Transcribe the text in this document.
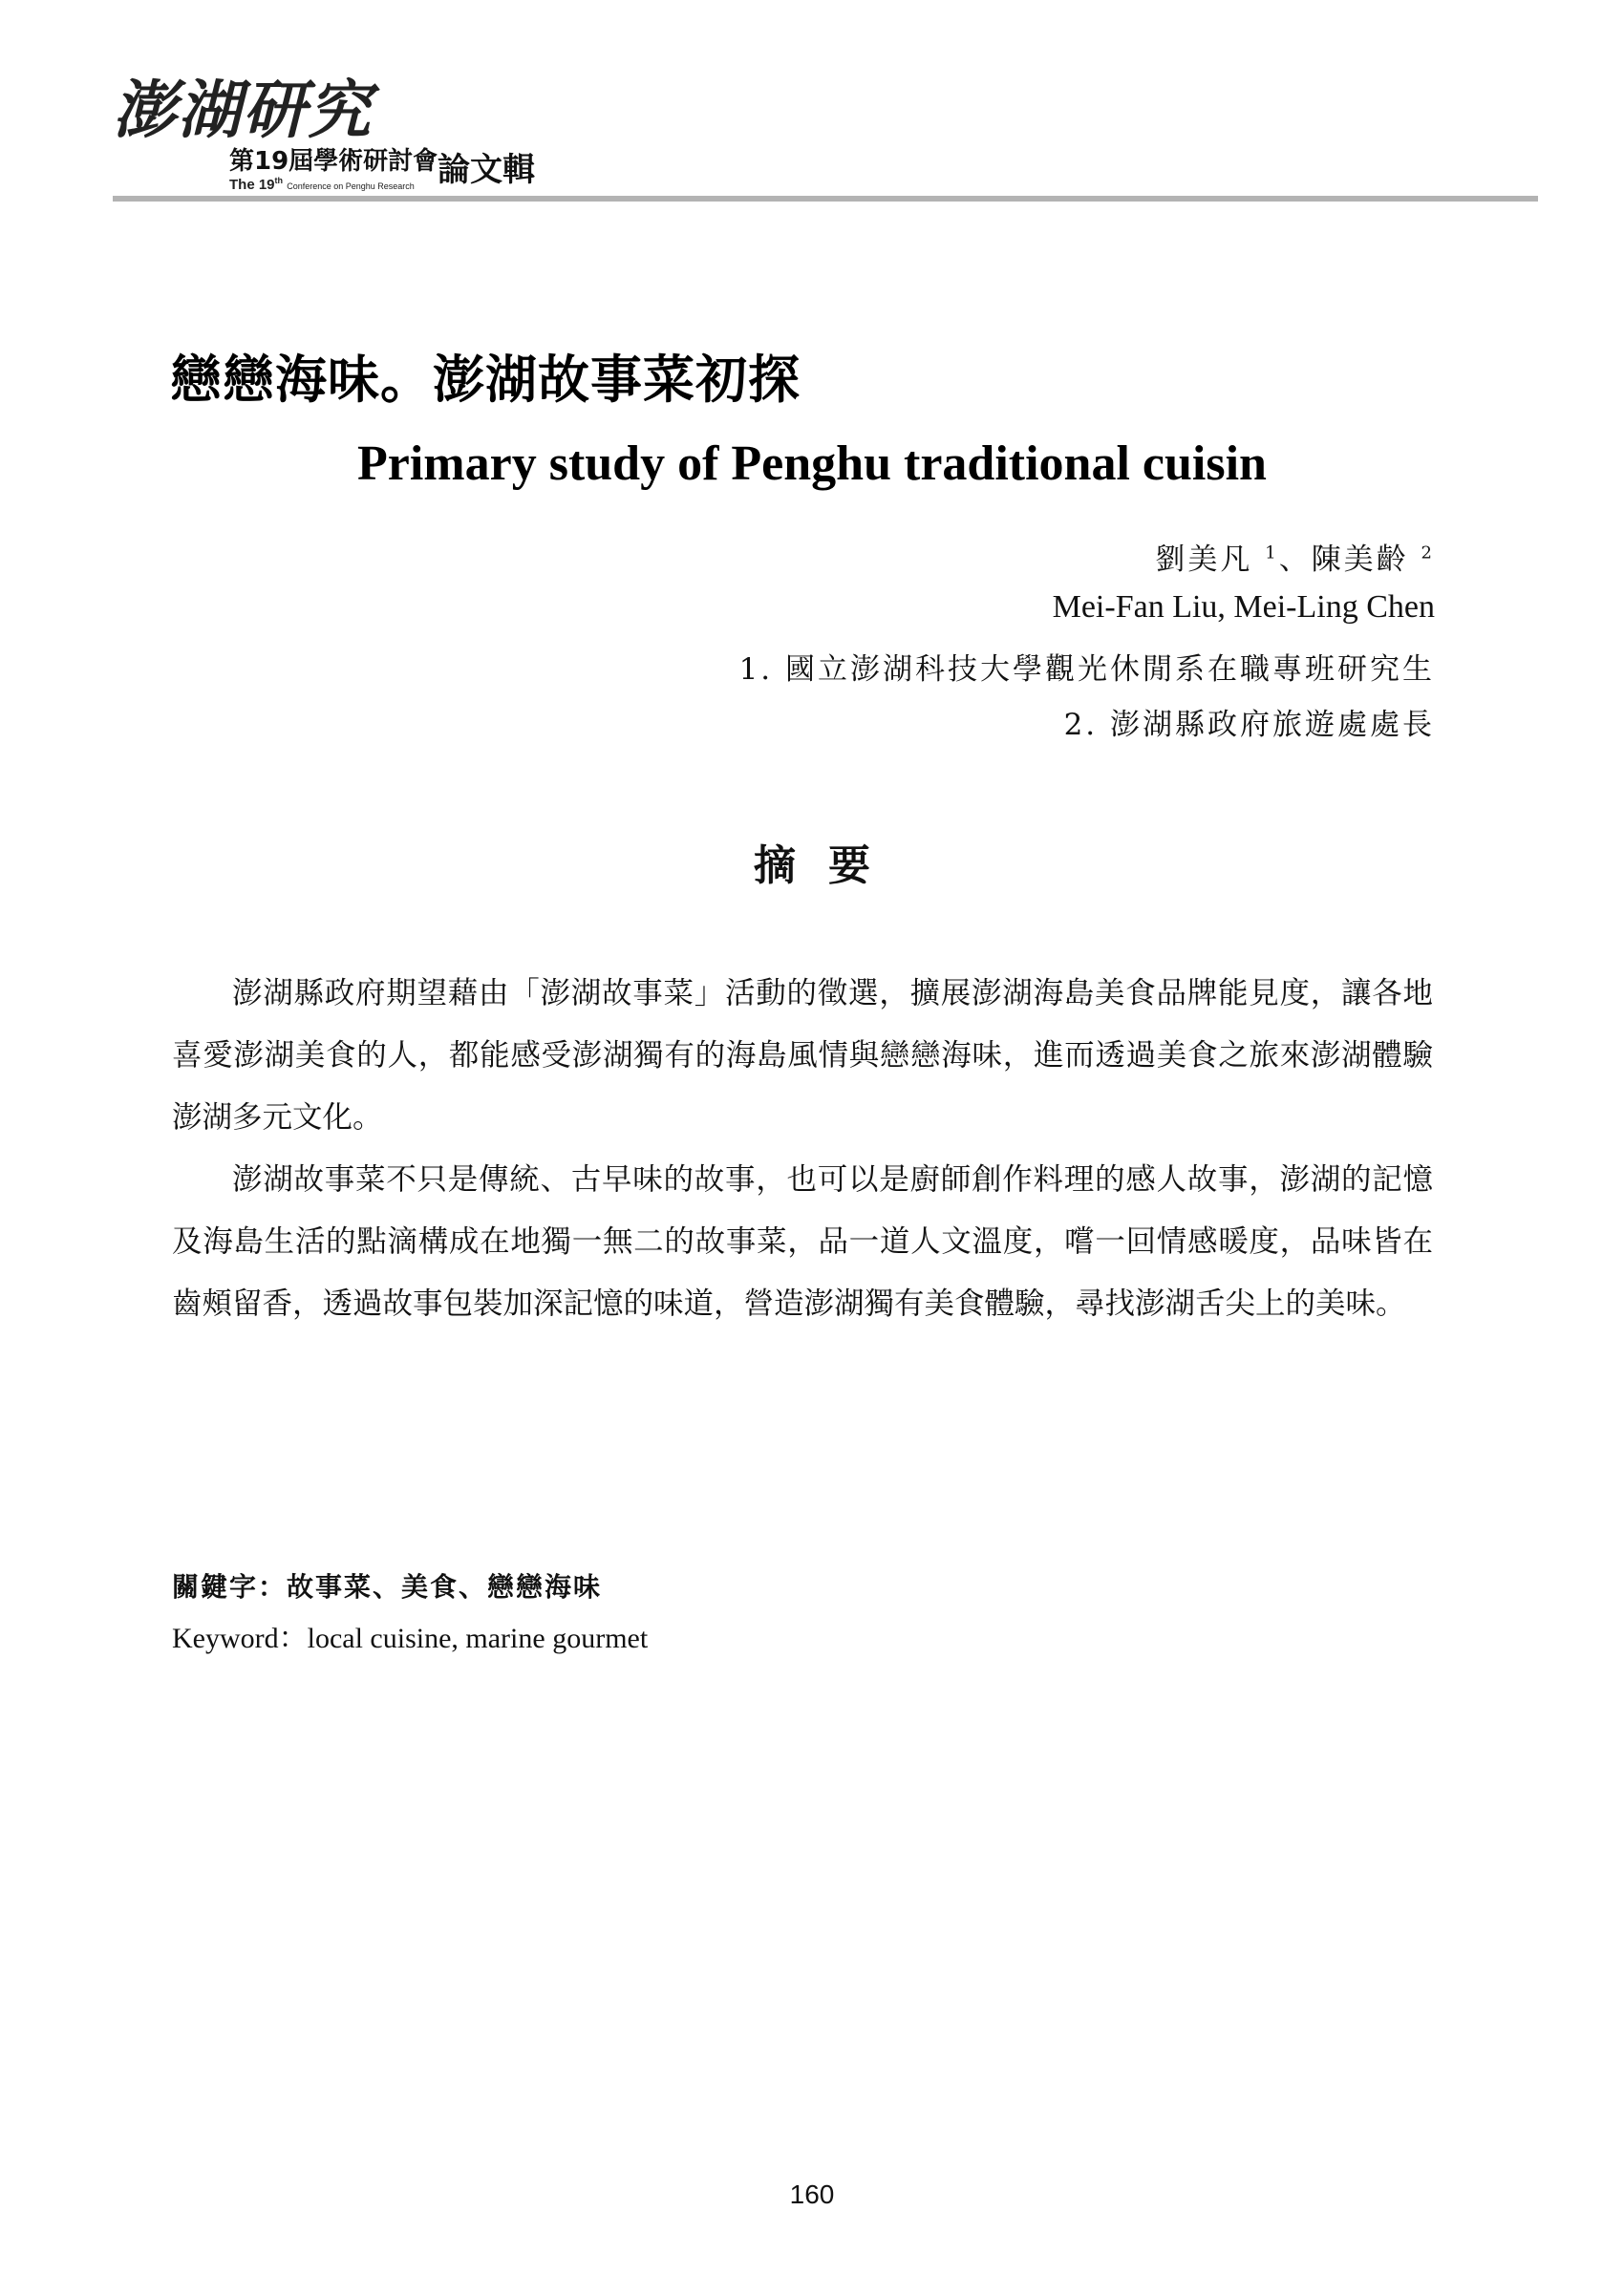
澎湖研究
第19屆學術研討會
The 19th Conference on Penghu Research 論文輯
戀戀海味。澎湖故事菜初探
Primary study of Penghu traditional cuisin
劉美凡 $^1$、陳美齡 $^2$
Mei-Fan Liu, Mei-Ling Chen
1. 國立澎湖科技大學觀光休閒系在職專班研究生
2. 澎湖縣政府旅遊處處長
摘要

澎湖縣政府期望藉由「澎湖故事菜」活動的徵選，擴展澎湖海島美食品牌能見度，讓各地喜愛澎湖美食的人，都能感受澎湖獨有的海島風情與戀戀海味，進而透過美食之旅來澎湖體驗澎湖多元文化。

澎湖故事菜不只是傳統、古早味的故事，也可以是廚師創作料理的感人故事，澎湖的記憶及海島生活的點滴構成在地獨一無二的故事菜，品一道人文溫度，嚐一回情感暖度，品味皆在齒頰留香，透過故事包裝加深記憶的味道，營造澎湖獨有美食體驗，尋找澎湖舌尖上的美味。

關鍵字：故事菜、美食、戀戀海味
Keyword：local cuisine, marine gourmet
160
